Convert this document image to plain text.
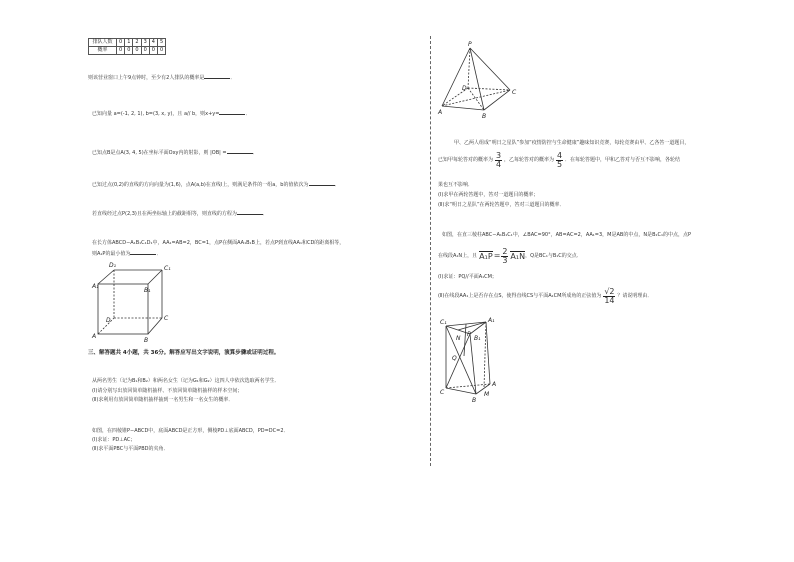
排队人数	0	1	2	3	4	5
概率	0	0	0	0	0	0
则该营业窗口上午9点钟时，至少有2人排队的概率是	．
已知向量 a=(-1, 2, 1), b=(3, x, y)，且 a// b，则x+y=	．
已知点B是点A(3, 4, 5)在坐标平面Oxy内的射影，则 |OB| =	．
已知过点(0,2)的直线的方向向量为(1,6)，点A(a,b)在直线l上，则满足条件的一组a，b的值依次为	．
若直线经过点P(2,3)且在两坐标轴上的截距相等，则直线的方程为	．
在长方体ABCD−A₁B₁C₁D₁中，AA₁=AB=2，BC=1，点P在侧面AA₁B₁B上，若点P到直线AA₁和CD的距离相等，
则A₁P的最小值为	．
D₁	C₁
A₁
B₁
D	C
A
B
三、解答题共 4小题，共 36分。解答应写出文字说明，演算步骤或证明过程。
从两名男生（记为B₁和B₂）和两名女生（记为G₁和G₂）这四人中依次选取两名学生．
(Ⅰ)请分别写出放回简单随机抽样、不放回简单随机抽样的样本空间；
(Ⅱ)求利用有放回简单随机抽样抽到一名男生和一名女生的概率．
如图，在四棱锥P−ABCD中，底面ABCD是正方形，侧棱PD⊥底面ABCD，PD=DC=2．
(Ⅰ)求证：PD⊥AC；
(Ⅱ)求平面PBC与平面PBD的夹角．
P
D
C
A
B
甲、乙两人组成“明日之星队”参加“疫情防控与生命健康”趣味知识竞赛，每轮竞赛由甲、乙各答一道题目，
已知甲每轮答对的概率为 $\frac{3}{4}$ ，乙每轮答对的概率为 $\frac{4}{5}$ ．在每轮答题中，甲和乙答对与否互不影响，各轮结
果也互不影响．
(Ⅰ)求甲在两轮答题中，答对一道题目的概率；
(Ⅱ)求“明日之星队”在两轮答题中，答对三道题目的概率．
如图，在直三棱柱ABC−A₁B₁C₁中，∠BAC=90°，AB=AC=2，AA₁=3，M是AB的中点，N是B₁C₁的中点，点P
在线段A₁N上，且 $A_1P = \frac{2}{3} A_1N$ ，Q是BC₁与B₁C的交点．
(Ⅰ)求证：PQ//平面A₁CM；
(Ⅱ)在线段AA₁上是否存在点S，使得直线CS与平面A₁CM所成角的正弦值为 $\frac{√2}{14}$ ？请说明理由．
C₁	A₁
N
P
B₁
Q
C
A
M
B
